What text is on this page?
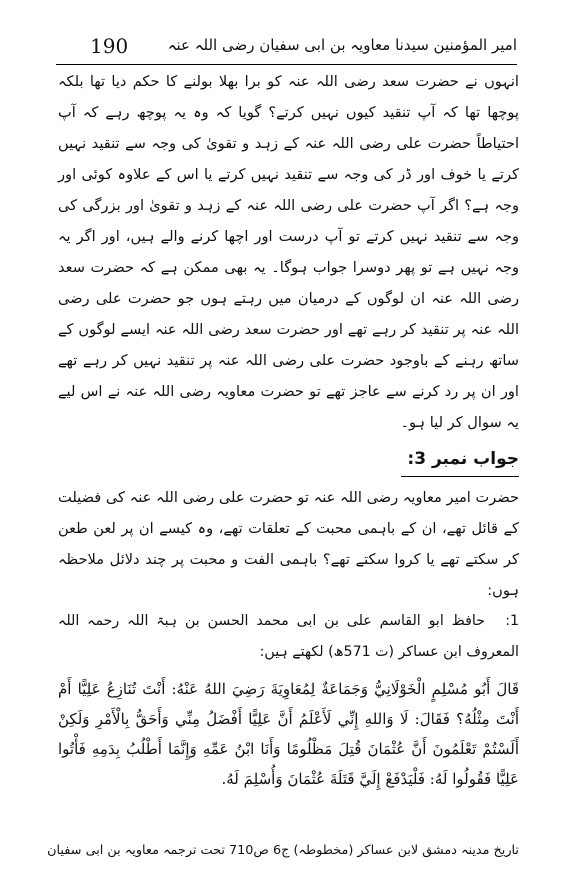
190	امیر المؤمنین سیدنا معاویہ بن ابی سفیان رضی اللہ عنہ

انہوں نے حضرت سعد رضی اللہ عنہ کو برا بھلا بولنے کا حکم دیا تھا بلکہ پوچھا تھا کہ آپ تنقید کیوں نہیں کرتے؟ گویا کہ وہ یہ پوچھ رہے کہ آپ احتیاطاً حضرت علی رضی اللہ عنہ کے زہد و تقویٰ کی وجہ سے تنقید نہیں کرتے یا خوف اور ڈر کی وجہ سے تنقید نہیں کرتے یا اس کے علاوہ کوئی اور وجہ ہے؟ اگر آپ حضرت علی رضی اللہ عنہ کے زہد و تقویٰ اور بزرگی کی وجہ سے تنقید نہیں کرتے تو آپ درست اور اچھا کرنے والے ہیں، اور اگر یہ وجہ نہیں ہے تو پھر دوسرا جواب ہوگا۔ یہ بھی ممکن ہے کہ حضرت سعد رضی اللہ عنہ ان لوگوں کے درمیان میں رہتے ہوں جو حضرت علی رضی اللہ عنہ پر تنقید کر رہے تھے اور حضرت سعد رضی اللہ عنہ ایسے لوگوں کے ساتھ رہنے کے باوجود حضرت علی رضی اللہ عنہ پر تنقید نہیں کر رہے تھے اور ان پر رد کرنے سے عاجز تھے تو حضرت معاویہ رضی اللہ عنہ نے اس لیے یہ سوال کر لیا ہو۔

جواب نمبر 3:

حضرت امیر معاویہ رضی اللہ عنہ تو حضرت علی رضی اللہ عنہ کی فضیلت کے قائل تھے، ان کے باہمی محبت کے تعلقات تھے، وہ کیسے ان پر لعن طعن کر سکتے تھے یا کروا سکتے تھے؟ باہمی الفت و محبت پر چند دلائل ملاحظہ ہوں:

1:حافظ ابو القاسم علی بن ابی محمد الحسن بن ہبۃ اللہ رحمہ اللہ المعروف ابن عساکر (ت 571ھ) لکھتے ہیں:

قَالَ أَبُو مُسْلِمٍ الْخَوْلَانِيُّ وَجَمَاعَةٌ لِمُعَاوِيَةَ رَضِيَ اللهُ عَنْهُ: أَنْتَ تُنَازِعُ عَلِيًّا أَمْ أَنْتَ مِثْلُهُ؟ فَقَالَ: لَا وَاللهِ إِنِّي لَأَعْلَمُ أَنَّ عَلِيًّا أَفْضَلُ مِنِّي وَأَحَقُّ بِالْأَمْرِ وَلَكِنْ أَلَسْتُمْ تَعْلَمُونَ أَنَّ عُثْمَانَ قُتِلَ مَظْلُومًا وَأَنَا ابْنُ عَمِّهِ وَإِنَّمَا أَطْلُبُ بِدَمِهِ فَأْتُوا عَلِيًّا فَقُولُوا لَهُ: فَلْيَدْفَعْ إِلَيَّ قَتَلَةَ عُثْمَانَ وَأُسْلِمَ لَهُ.

تاریخ مدینہ دمشق لابن عساکر (مخطوطہ) ج6 ص710 تحت ترجمہ معاویہ بن ابی سفیان
